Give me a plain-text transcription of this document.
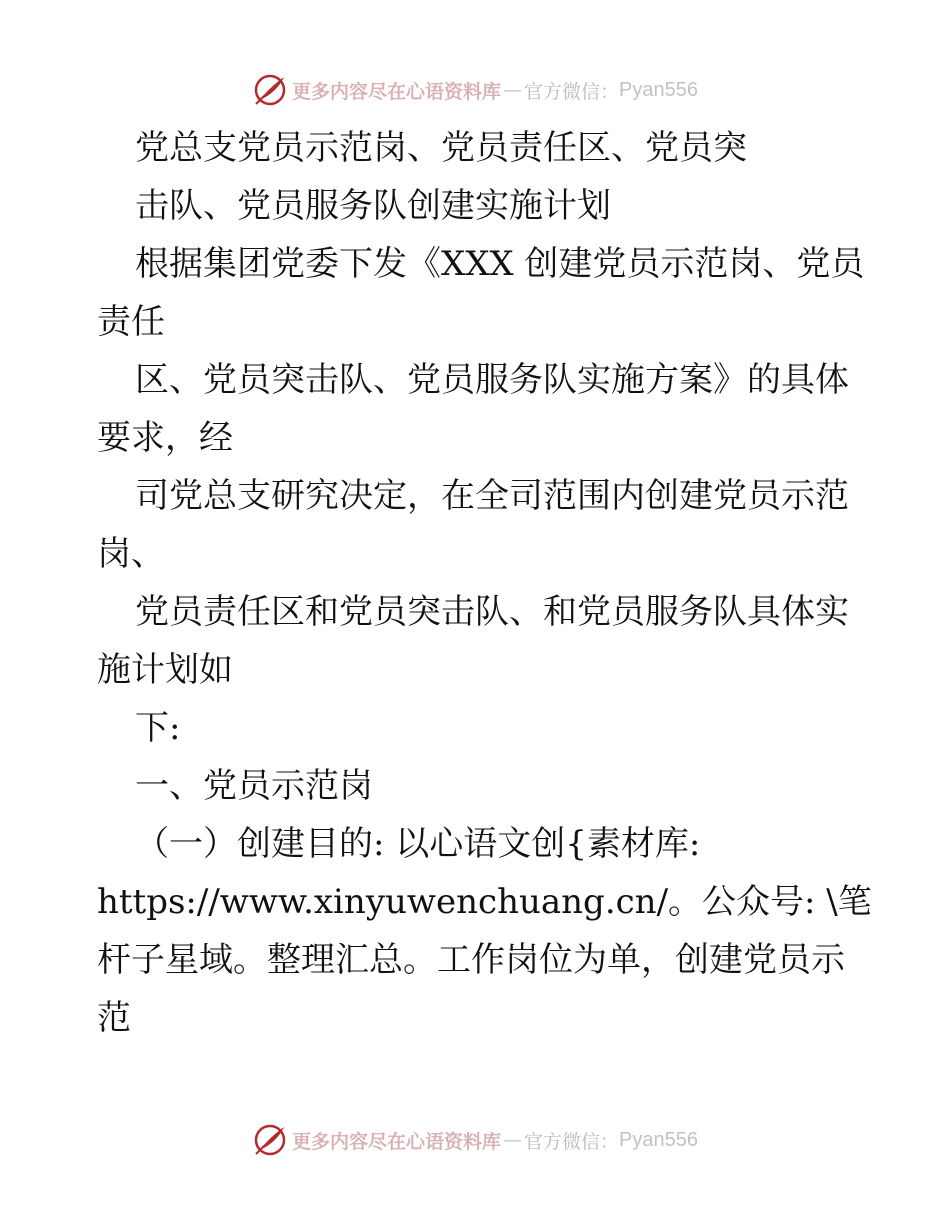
更多内容尽在心语资料库 — 官方微信： Pyan556
党总支党员示范岗、党员责任区、党员突
击队、党员服务队创建实施计划
根据集团党委下发《XXX 创建党员示范岗、党员
责任
区、党员突击队、党员服务队实施方案》的具体
要求，经
司党总支研究决定，在全司范围内创建党员示范
岗、
党员责任区和党员突击队、和党员服务队具体实
施计划如
下:
一、党员示范岗
（一）创建目的: 以心语文创{素材库:
https://www.xinyuwenchuang.cn/。公众号: \笔
杆子星域。整理汇总。工作岗位为单，创建党员示
范
更多内容尽在心语资料库 — 官方微信： Pyan556
